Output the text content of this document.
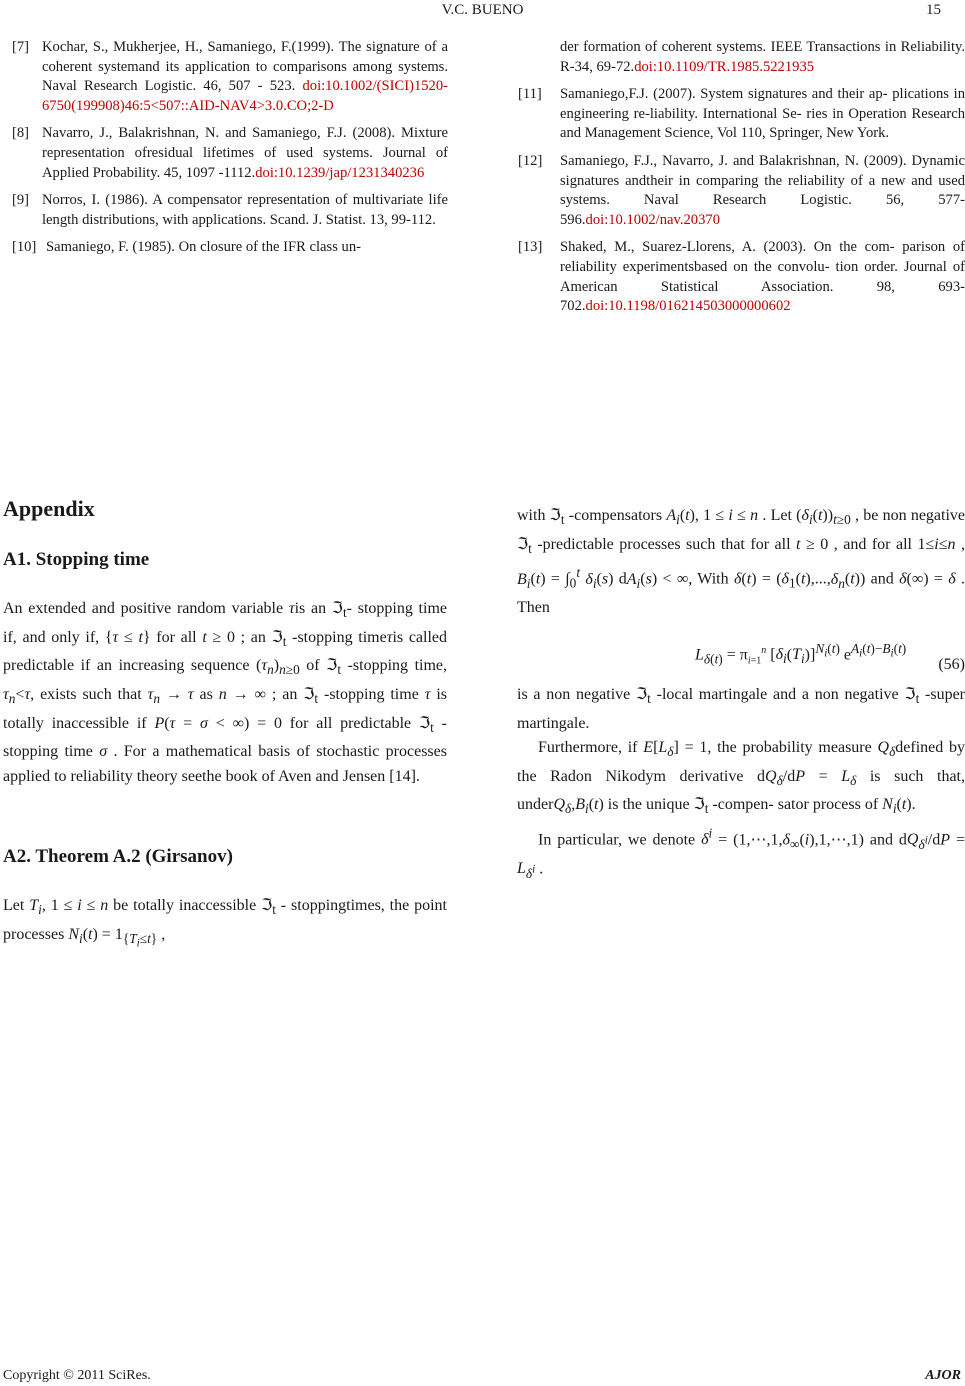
V.C. BUENO	15
[7] Kochar, S., Mukherjee, H., Samaniego, F.(1999). The signature of a coherent systemand its application to comparisons among systems. Naval Research Logistic. 46, 507 - 523. doi:10.1002/(SICI)1520-6750(199908)46:5<507::AID-NAV4>3.0.CO;2-D
[8] Navarro, J., Balakrishnan, N. and Samaniego, F.J. (2008). Mixture representation ofresidual lifetimes of used systems. Journal of Applied Probability. 45, 1097 -1112.doi:10.1239/jap/1231340236
[9] Norros, I. (1986). A compensator representation of multivariate life length distributions, with applications. Scand. J. Statist. 13, 99-112.
[10] Samaniego, F. (1985). On closure of the IFR class un-
der formation of coherent systems. IEEE Transactions in Reliability. R-34, 69-72.doi:10.1109/TR.1985.5221935
[11] Samaniego,F.J. (2007). System signatures and their ap- plications in engineering re-liability. International Se- ries in Operation Research and Management Science, Vol 110, Springer, New York.
[12] Samaniego, F.J., Navarro, J. and Balakrishnan, N. (2009). Dynamic signatures andtheir in comparing the reliability of a new and used systems. Naval Research Logistic. 56, 577-596.doi:10.1002/nav.20370
[13] Shaked, M., Suarez-Llorens, A. (2003). On the com- parison of reliability experimentsbased on the convolu- tion order. Journal of American Statistical Association. 98, 693-702.doi:10.1198/016214503000000602
Appendix
A1. Stopping time
A2. Theorem A.2 (Girsanov)
An extended and positive random variable τis an ℑ$_t$- stopping time if, and only if, {τ ≤ t} for all t ≥ 0 ; an ℑ$_t$ -stopping timeτis called predictable if an increasing sequence $(\tau_n)_{n\ge 0}$ of ℑ$_t$ -stopping time, $\tau_n<\tau$, exists such that $\tau_n \to \tau$ as n → ∞ ; an ℑ$_t$ -stopping time τ is totally inaccessible if P(τ = σ < ∞) = 0 for all predictable ℑ$_t$ -stopping time σ . For a mathematical basis of stochastic processes applied to reliability theory seethe book of Aven and Jensen [14].
Let $T_i$, 1 ≤ i ≤ n be totally inaccessible ℑ$_t$ - stoppingtimes, the point processes $N_i(t) = 1_{\{T_i\le t\}}$ ,
with ℑ$_t$ -compensators $A_i(t)$, 1 ≤ i ≤ n . Let $(\delta_i(t))_{t\ge 0}$ , be non negative ℑ$_t$ -predictable processes such that for all t ≥ 0 , and for all 1≤i≤n , $B_i(t) = \int_0^t$ $\delta_i(s) dA_i(s)$ < ∞, With $\delta(t) = (\delta_1(t),...,\delta_n(t))$ and δ(∞) = δ . Then
$L_{\delta(t)} = \pi_{i=1}^n$ $[\delta_i(T_i)]^{N_i(t)}$ $e^{A_i(t)-B_i(t)}$
(56)
is a non negative ℑ$_t$ -local martingale and a non negative ℑ$_t$ -super martingale.
Furthermore, if $E[L_\delta] = 1$, the probability measure $Q_\delta defined$ by the Radon Nikodym derivative $dQ_\delta/dP = L_\delta$ is such that, $underQ_\delta,B_i(t)$ is the unique ℑ$_t$ -compen- sator process of $N_i(t)$.
In particular, we denote $\delta^i$ = $(1,\cdots,1,\delta_\infty(i),1,\cdots,1)$ and $dQ_{\delta^i}/dP = L_{\delta^i}$ .
Copyright © 2011 SciRes.	AJOR
